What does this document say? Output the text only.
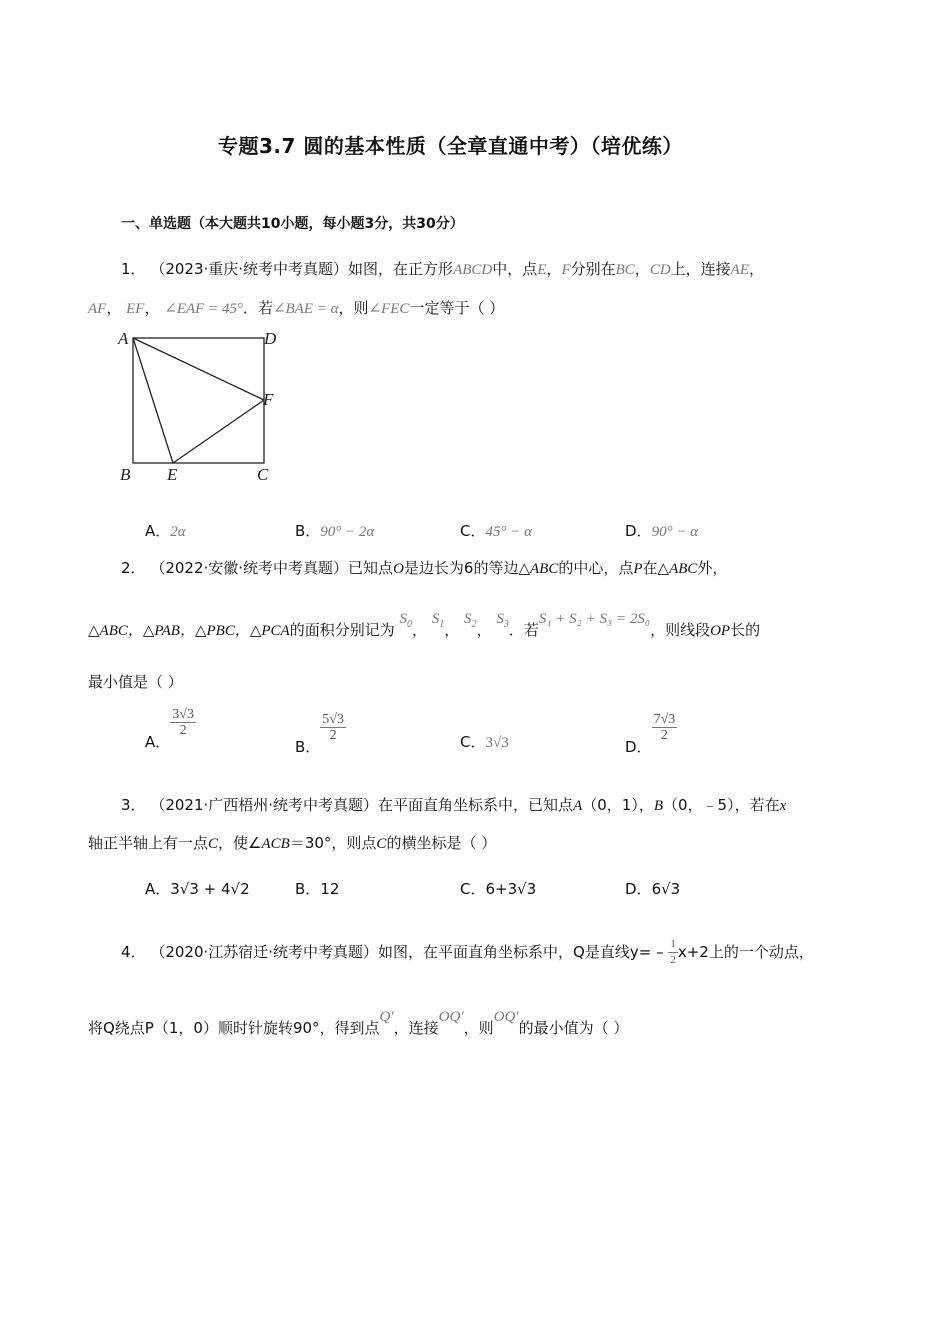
专题3.7 圆的基本性质（全章直通中考）（培优练）
一、单选题（本大题共10小题，每小题3分，共30分）
1． （2023·重庆·统考中考真题）如图，在正方形ABCD中，点E，F分别在BC，CD上，连接AE，
AF， EF， ∠EAF = 45°．若∠BAE = α，则∠FEC一定等于（ ）
A	D
F
B E	C
A．2α	B．90° − 2α	C．45° − α	D．90° − α
2． （2022·安徽·统考中考真题）已知点O是边长为6的等边△ABC的中心，点P在△ABC外，
△ABC，△PAB，△PBC，△PCA的面积分别记为 $S_0$， $S_1$， $S_2$， $S_3$．若S₁ + S₂ + S₃ = 2S₀，则线段OP长的
最小值是（ ）
A．
$\frac{3√3}{2}$
B．
$\frac{5√3}{2}$	C．3√3	D．
$\frac{7√3}{2}$
3． （2021·广西梧州·统考中考真题）在平面直角坐标系中，已知点A（0，1），B（0，﹣5），若在x
轴正半轴上有一点C，使∠ACB＝30°，则点C的横坐标是（ ）
A．3√3 + 4√2	B．12	C．6+3√3	D．6√3
4． （2020·江苏宿迁·统考中考真题）如图，在平面直角坐标系中，Q是直线$y= - \frac{1}{2} x+2$上的一个动点，
将Q绕点P（1，0）顺时针旋转90°，得到点Q′，连接OQ′，则OQ′的最小值为（ ）
